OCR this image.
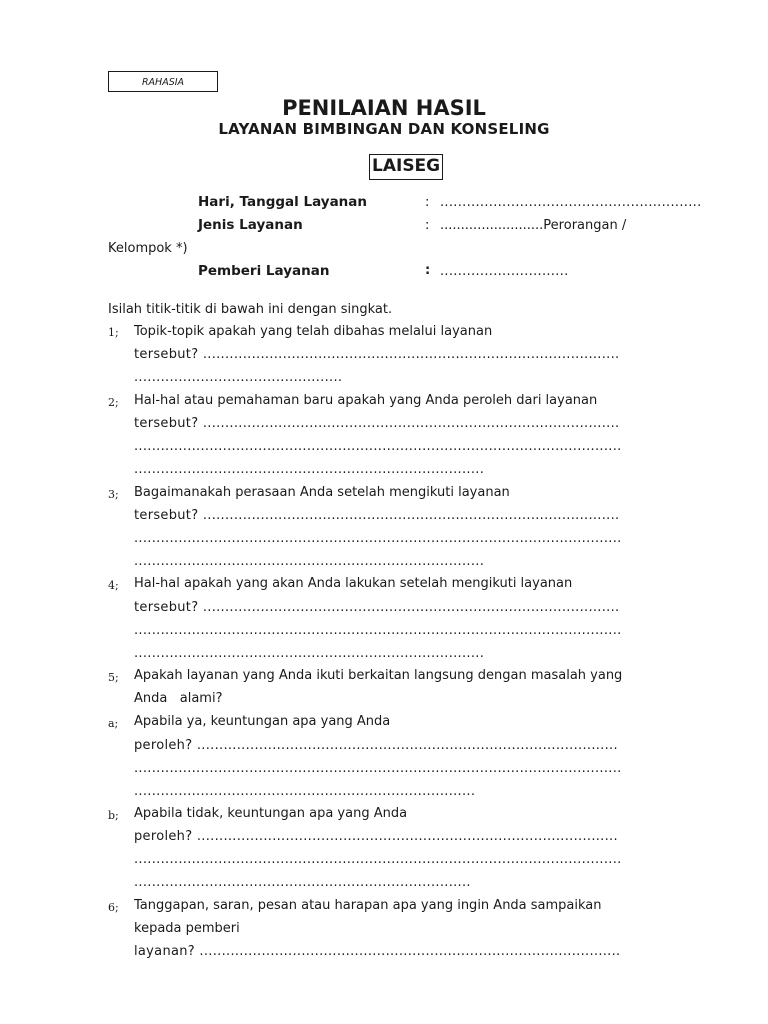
RAHASIA
PENILAIAN HASIL
LAYANAN BIMBINGAN DAN KONSELING
LAISEG
Hari, Tanggal Layanan	: ...........................................................
Jenis Layanan	: .........................Perorangan /
Kelompok *)
Pemberi Layanan	: .............................
Isilah titik-titik di bawah ini dengan singkat.
1; Topik-topik apakah yang telah dibahas melalui layanan
tersebut? ..............................................................................................
...............................................
2; Hal-hal atau pemahaman baru apakah yang Anda peroleh dari layanan
tersebut? ..............................................................................................
..............................................................................................................
...............................................................................
3; Bagaimanakah perasaan Anda setelah mengikuti layanan
tersebut? ..............................................................................................
..............................................................................................................
...............................................................................
4; Hal-hal apakah yang akan Anda lakukan setelah mengikuti layanan
tersebut? ..............................................................................................
..............................................................................................................
...............................................................................
5; Apakah layanan yang Anda ikuti berkaitan langsung dengan masalah yang
Anda   alami?
a; Apabila ya, keuntungan apa yang Anda
peroleh? ...............................................................................................
..............................................................................................................
.............................................................................
b; Apabila tidak, keuntungan apa yang Anda
peroleh? ...............................................................................................
..............................................................................................................
............................................................................
6; Tanggapan, saran, pesan atau harapan apa yang ingin Anda sampaikan
kepada pemberi
layanan? ...............................................................................................
